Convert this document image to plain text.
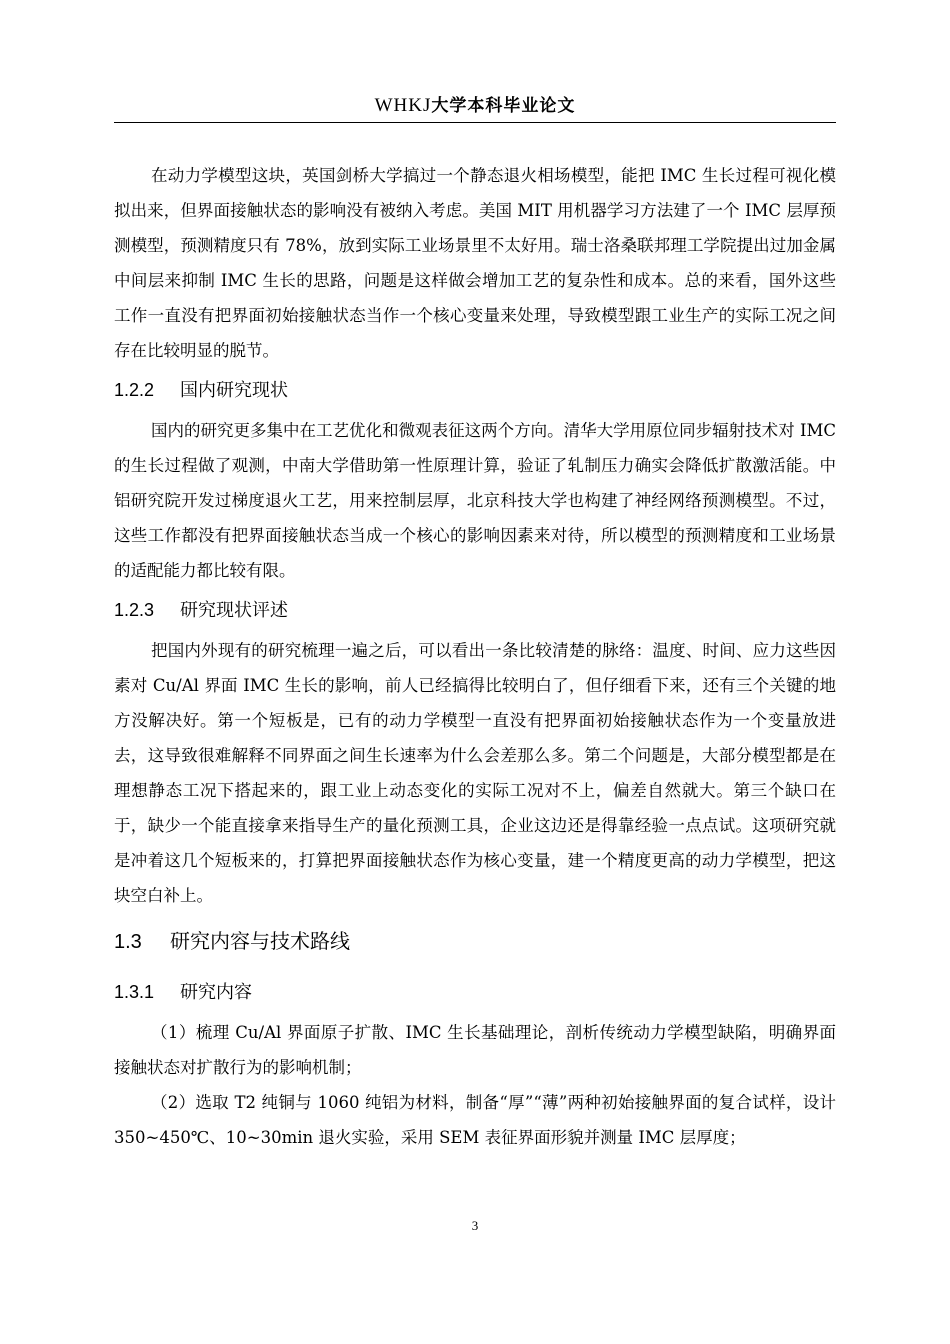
WHKJ大学本科毕业论文

在动力学模型这块，英国剑桥大学搞过一个静态退火相场模型，能把 IMC 生长过程可视化模拟出来，但界面接触状态的影响没有被纳入考虑。美国 MIT 用机器学习方法建了一个 IMC 层厚预测模型，预测精度只有 78%，放到实际工业场景里不太好用。瑞士洛桑联邦理工学院提出过加金属中间层来抑制 IMC 生长的思路，问题是这样做会增加工艺的复杂性和成本。总的来看，国外这些工作一直没有把界面初始接触状态当作一个核心变量来处理，导致模型跟工业生产的实际工况之间存在比较明显的脱节。

1.2.2 国内研究现状

国内的研究更多集中在工艺优化和微观表征这两个方向。清华大学用原位同步辐射技术对 IMC 的生长过程做了观测，中南大学借助第一性原理计算，验证了轧制压力确实会降低扩散激活能。中铝研究院开发过梯度退火工艺，用来控制层厚，北京科技大学也构建了神经网络预测模型。不过，这些工作都没有把界面接触状态当成一个核心的影响因素来对待，所以模型的预测精度和工业场景的适配能力都比较有限。

1.2.3 研究现状评述

把国内外现有的研究梳理一遍之后，可以看出一条比较清楚的脉络：温度、时间、应力这些因素对 Cu/Al 界面 IMC 生长的影响，前人已经搞得比较明白了，但仔细看下来，还有三个关键的地方没解决好。第一个短板是，已有的动力学模型一直没有把界面初始接触状态作为一个变量放进去，这导致很难解释不同界面之间生长速率为什么会差那么多。第二个问题是，大部分模型都是在理想静态工况下搭起来的，跟工业上动态变化的实际工况对不上，偏差自然就大。第三个缺口在于，缺少一个能直接拿来指导生产的量化预测工具，企业这边还是得靠经验一点点试。这项研究就是冲着这几个短板来的，打算把界面接触状态作为核心变量，建一个精度更高的动力学模型，把这块空白补上。

1.3 研究内容与技术路线
1.3.1 研究内容

（1）梳理 Cu/Al 界面原子扩散、IMC 生长基础理论，剖析传统动力学模型缺陷，明确界面接触状态对扩散行为的影响机制；

（2）选取 T2 纯铜与 1060 纯铝为材料，制备“厚”“薄”两种初始接触界面的复合试样，设计 350~450℃、10~30min 退火实验，采用 SEM 表征界面形貌并测量 IMC 层厚度；

3
